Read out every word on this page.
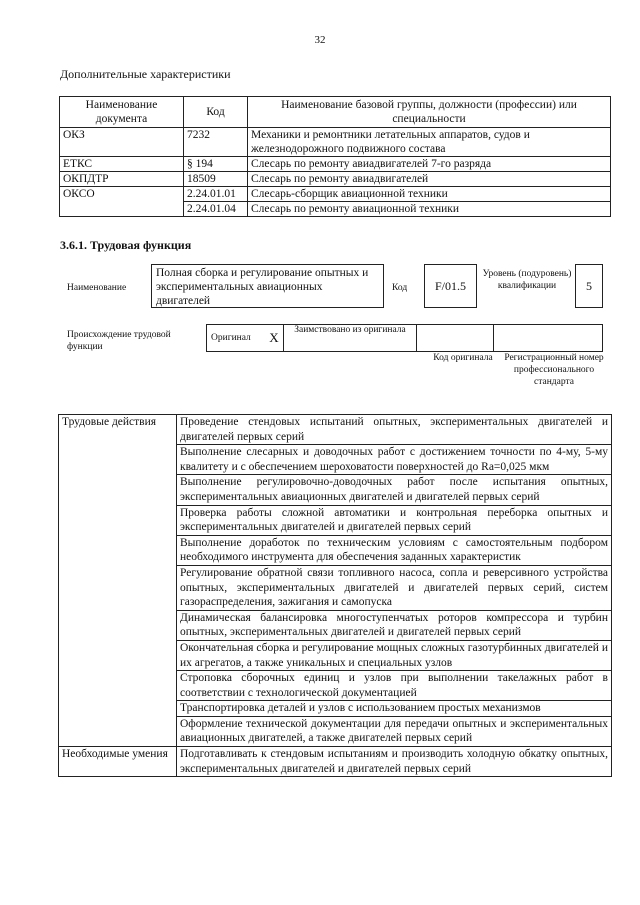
32
Дополнительные характеристики
Наименование документа	Код	Наименование базовой группы, должности (профессии) или специальности
ОКЗ	7232	Механики и ремонтники летательных аппаратов, судов и железнодорожного подвижного состава
ЕТКС	§ 194	Слесарь по ремонту авиадвигателей 7-го разряда
ОКПДТР	18509	Слесарь по ремонту авиадвигателей
ОКСО	2.24.01.01	Слесарь-сборщик авиационной техники
	2.24.01.04	Слесарь по ремонту авиационной техники
3.6.1. Трудовая функция
Наименование
Полная сборка и регулирование опытных и экспериментальных авиационных двигателей
Код F/01.5
Уровень (подуровень) квалификации	5
Происхождение трудовой функции
Оригинал	X	Заимствовано из оригинала		
Код оригинала	Регистрационный номер профессионального стандарта
Трудовые действия	Проведение стендовых испытаний опытных, экспериментальных двигателей и двигателей первых серий
	Выполнение слесарных и доводочных работ с достижением точности по 4-му, 5-му квалитету и с обеспечением шероховатости поверхностей до Ra=0,025 мкм
	Выполнение регулировочно-доводочных работ после испытания опытных, экспериментальных авиационных двигателей и двигателей первых серий
	Проверка работы сложной автоматики и контрольная переборка опытных и экспериментальных двигателей и двигателей первых серий
	Выполнение доработок по техническим условиям с самостоятельным подбором необходимого инструмента для обеспечения заданных характеристик
	Регулирование обратной связи топливного насоса, сопла и реверсивного устройства опытных, экспериментальных двигателей и двигателей первых серий, систем газораспределения, зажигания и самопуска
	Динамическая балансировка многоступенчатых роторов компрессора и турбин опытных, экспериментальных двигателей и двигателей первых серий
	Окончательная сборка и регулирование мощных сложных газотурбинных двигателей и их агрегатов, а также уникальных и специальных узлов
	Строповка сборочных единиц и узлов при выполнении такелажных работ в соответствии с технологической документацией
	Транспортировка деталей и узлов с использованием простых механизмов
	Оформление технической документации для передачи опытных и экспериментальных авиационных двигателей, а также двигателей первых серий
Необходимые умения	Подготавливать к стендовым испытаниям и производить холодную обкатку опытных, экспериментальных двигателей и двигателей первых серий
